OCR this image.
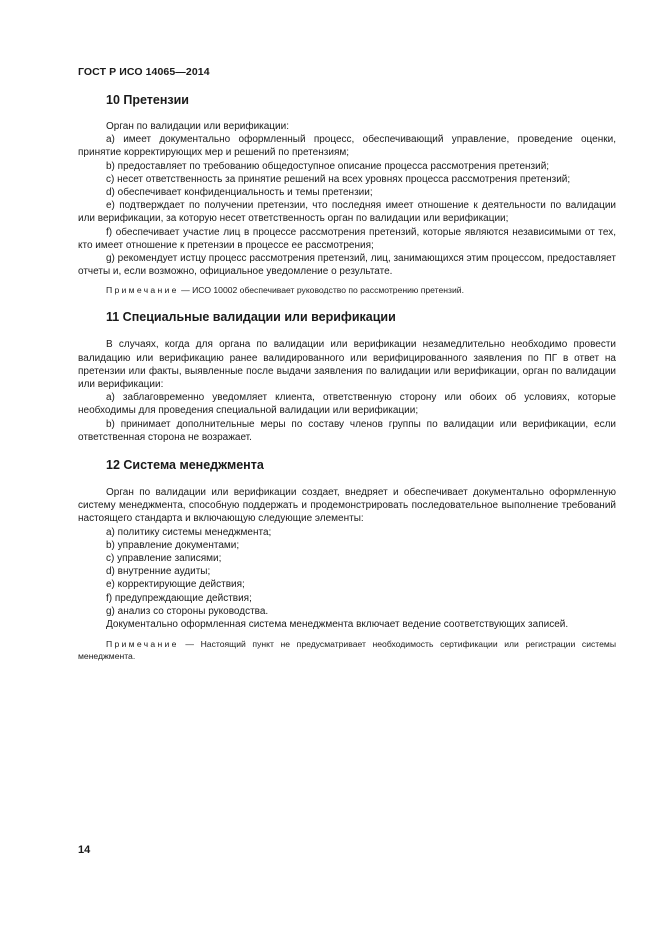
ГОСТ Р ИСО 14065—2014
10 Претензии

Орган по валидации или верификации:

a) имеет документально оформленный процесс, обеспечивающий управление, проведение оценки, принятие корректирующих мер и решений по претензиям;

b) предоставляет по требованию общедоступное описание процесса рассмотрения претензий;

c) несет ответственность за принятие решений на всех уровнях процесса рассмотрения претензий;

d) обеспечивает конфиденциальность и темы претензии;

e) подтверждает по получении претензии, что последняя имеет отношение к деятельности по валидации или верификации, за которую несет ответственность орган по валидации или верификации;

f) обеспечивает участие лиц в процессе рассмотрения претензий, которые являются независимыми от тех, кто имеет отношение к претензии в процессе ее рассмотрения;

g) рекомендует истцу процесс рассмотрения претензий, лиц, занимающихся этим процессом, предоставляет отчеты и, если возможно, официальное уведомление о результате.

Примечание — ИСО 10002 обеспечивает руководство по рассмотрению претензий.

11 Специальные валидации или верификации

В случаях, когда для органа по валидации или верификации незамедлительно необходимо провести валидацию или верификацию ранее валидированного или верифицированного заявления по ПГ в ответ на претензии или факты, выявленные после выдачи заявления по валидации или верификации, орган по валидации или верификации:

a) заблаговременно уведомляет клиента, ответственную сторону или обоих об условиях, которые необходимы для проведения специальной валидации или верификации;

b) принимает дополнительные меры по составу членов группы по валидации или верификации, если ответственная сторона не возражает.

12 Система менеджмента

Орган по валидации или верификации создает, внедряет и обеспечивает документально оформленную систему менеджмента, способную поддержать и продемонстрировать последовательное выполнение требований настоящего стандарта и включающую следующие элементы:

a) политику системы менеджмента;

b) управление документами;

c) управление записями;

d) внутренние аудиты;

e) корректирующие действия;

f) предупреждающие действия;

g) анализ со стороны руководства.

Документально оформленная система менеджмента включает ведение соответствующих записей.

Примечание — Настоящий пункт не предусматривает необходимость сертификации или регистрации системы менеджмента.

14
